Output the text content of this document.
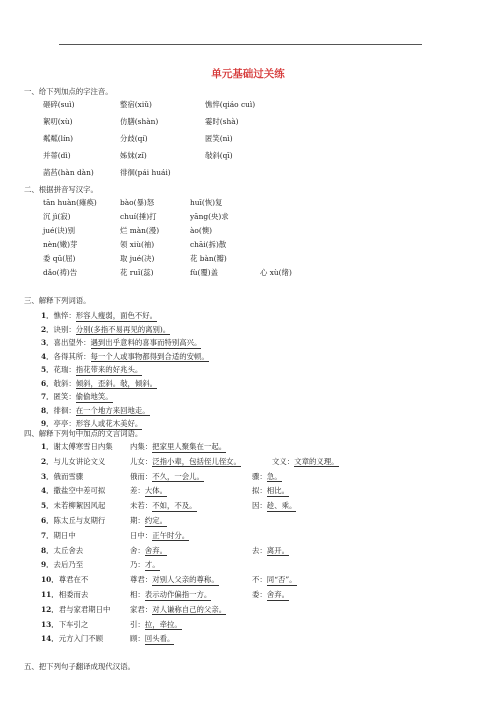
单元基础过关练
一、给下列加点的字注音。
砸碎(suì)	整宿(xiǔ)	憔悴(qiáo cuì)
絮叨(xù)	仿膳(shàn)	霎时(shà)
粼粼(lín)	分歧(qí)	匿笑(nì)
并蒂(dì)	姊妹(zǐ)	敧斜(qī)
菡萏(hàn dàn)	徘徊(pái huái)
二、根据拼音写汉字。
tān huàn(瘫痪)	bào(暴)怒	huī(恢)复
沉 jì(寂)	chuí(捶)打	yāng(央)求
jué(诀)别	烂 màn(漫)	ào(懊)
nèn(嫩)芽	领 xiù(袖)	chāi(拆)散
委 qū(屈)	取 jué(决)	花 bàn(瓣)
dǎo(祷)告	花 ruǐ(蕊)	fù(覆)盖	心 xù(绪)
三、解释下列词语。
1．憔悴：形容人瘦弱，面色不好。
2．诀别：分别(多指不易再见的离别)。
3．喜出望外：遇到出乎意料的喜事而特别高兴。
4．各得其所：每一个人或事物都得到合适的安顿。
5．花瑞：指花带来的好兆头。
6．敧斜：倾斜，歪斜。敧，倾斜。
7．匿笑：偷偷地笑。
8．徘徊：在一个地方来回地走。
9．亭亭：形容人或花木美好。
四、解释下列句中加点的文言词语。
1．谢太傅寒雪日内集 内集：把家里人聚集在一起。
2．与儿女讲论文义	儿女：泛指小辈，包括侄儿侄女。	文义：文章的义理。
3．俄而雪骤	俄而：不久，一会儿。	骤：急。
4．撒盐空中差可拟	差：大体。	拟：相比。
5．未若柳絮因风起	未若：不如，不及。	因：趁、乘。
6．陈太丘与友期行	期：约定。
7．期日中	日中：正午时分。
8．太丘舍去	舍：舍弃。	去：离开。
9．去后乃至	乃：才。
10．尊君在不	尊君：对别人父亲的尊称。	不：同“否”。
11．相委而去	相：表示动作偏指一方。	委：舍弃。
12．君与家君期日中	家君：对人谦称自己的父亲。
13．下车引之	引：拉，牵拉。
14．元方入门不顾	顾：回头看。
五、把下列句子翻译成现代汉语。
